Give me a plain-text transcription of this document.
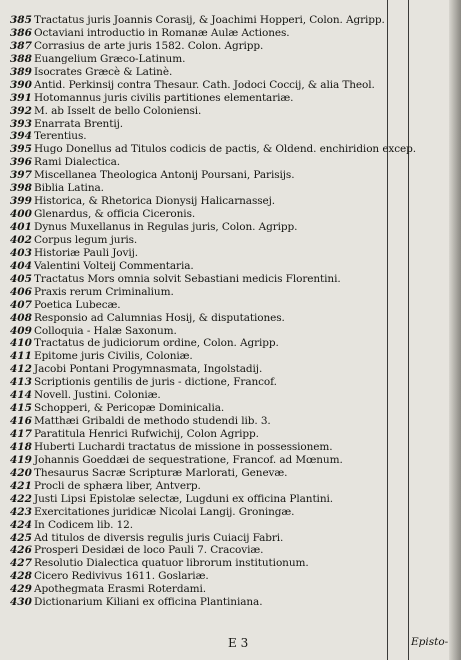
385 Tractatus juris Joannis Corasij, & Joachimi Hopperi, Colon. Agripp.
386 Octaviani introductio in Romanæ Aulæ Actiones.
387 Corrasius de arte juris 1582. Colon. Agripp.
388 Euangelium Græco-Latinum.
389 Isocrates Græcè & Latinè.
390 Antid. Perkinsij contra Thesaur. Cath. Jodoci Coccij, & alia Theol.
391 Hotomannus juris civilis partitiones elementariæ.
392 M. ab Isselt de bello Coloniensi.
393 Enarrata Brentij.
394 Terentius.
395 Hugo Donellus ad Titulos codicis de pactis, & Oldend. enchiridion excep.
396 Rami Dialectica.
397 Miscellanea Theologica Antonij Poursani, Parisijs.
398 Biblia Latina.
399 Historica, & Rhetorica Dionysij Halicarnassej.
400 Glenardus, & officia Ciceronis.
401 Dynus Muxellanus in Regulas juris, Colon. Agripp.
402 Corpus legum juris.
403 Historiæ Pauli Jovij.
404 Valentini Volteij Commentaria.
405 Tractatus Mors omnia solvit Sebastiani medicis Florentini.
406 Praxis rerum Criminalium.
407 Poetica Lubecæ.
408 Responsio ad Calumnias Hosij, & disputationes.
409 Colloquia - Halæ Saxonum.
410 Tractatus de judiciorum ordine, Colon. Agripp.
411 Epitome juris Civilis, Coloniæ.
412 Jacobi Pontani Progymnasmata, Ingolstadij.
413 Scriptionis gentilis de juris - dictione, Francof.
414 Novell. Justini. Coloniæ.
415 Schopperi, & Pericopæ Dominicalia.
416 Matthæi Gribaldi de methodo studendi lib. 3.
417 Paratitula Henrici Rufwichij, Colon Agripp.
418 Huberti Luchardi tractatus de missione in possessionem.
419 Johannis Goeddæi de sequestratione, Francof. ad Mœnum.
420 Thesaurus Sacræ Scripturæ Marlorati, Genevæ.
421 Procli de sphæra liber, Antverp.
422 Justi Lipsi Epistolæ selectæ, Lugduni ex officina Plantini.
423 Exercitationes juridicæ Nicolai Langij. Groningæ.
424 In Codicem lib. 12.
425 Ad titulos de diversis regulis juris Cuiacij Fabri.
426 Prosperi Desidæi de loco Pauli 7. Cracoviæ.
427 Resolutio Dialectica quatuor librorum institutionum.
428 Cicero Redivivus 1611. Goslariæ.
429 Apothegmata Erasmi Roterdami.
430 Dictionarium Kiliani ex officina Plantiniana.
E 3	Episto-
